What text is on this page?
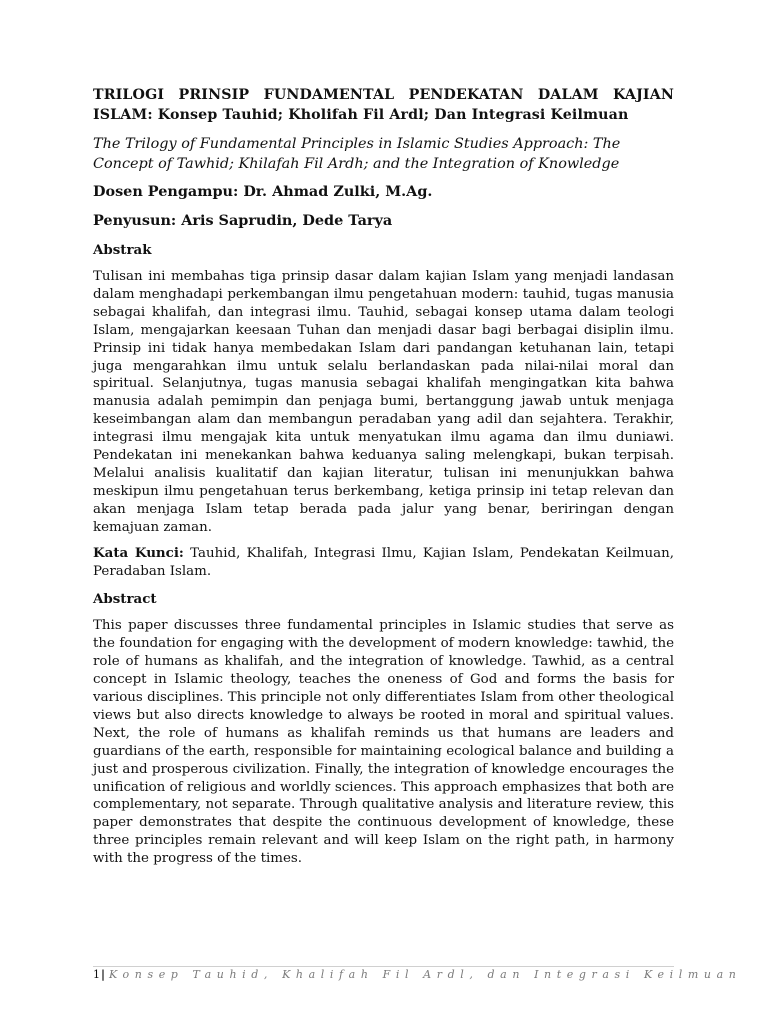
TRILOGI PRINSIP FUNDAMENTAL PENDEKATAN DALAM KAJIAN
ISLAM: Konsep Tauhid; Kholifah Fil Ardl; Dan Integrasi Keilmuan

The Trilogy of Fundamental Principles in Islamic Studies Approach: The Concept of Tawhid; Khilafah Fil Ardh; and the Integration of Knowledge

Dosen Pengampu: Dr. Ahmad Zulki, M.Ag.

Penyusun: Aris Saprudin, Dede Tarya

Abstrak

Tulisan ini membahas tiga prinsip dasar dalam kajian Islam yang menjadi landasan dalam menghadapi perkembangan ilmu pengetahuan modern: tauhid, tugas manusia sebagai khalifah, dan integrasi ilmu. Tauhid, sebagai konsep utama dalam teologi Islam, mengajarkan keesaan Tuhan dan menjadi dasar bagi berbagai disiplin ilmu. Prinsip ini tidak hanya membedakan Islam dari pandangan ketuhanan lain, tetapi juga mengarahkan ilmu untuk selalu berlandaskan pada nilai-nilai moral dan spiritual. Selanjutnya, tugas manusia sebagai khalifah mengingatkan kita bahwa manusia adalah pemimpin dan penjaga bumi, bertanggung jawab untuk menjaga keseimbangan alam dan membangun peradaban yang adil dan sejahtera. Terakhir, integrasi ilmu mengajak kita untuk menyatukan ilmu agama dan ilmu duniawi. Pendekatan ini menekankan bahwa keduanya saling melengkapi, bukan terpisah. Melalui analisis kualitatif dan kajian literatur, tulisan ini menunjukkan bahwa meskipun ilmu pengetahuan terus berkembang, ketiga prinsip ini tetap relevan dan akan menjaga Islam tetap berada pada jalur yang benar, beriringan dengan kemajuan zaman.

Kata Kunci: Tauhid, Khalifah, Integrasi Ilmu, Kajian Islam, Pendekatan Keilmuan, Peradaban Islam.

Abstract

This paper discusses three fundamental principles in Islamic studies that serve as the foundation for engaging with the development of modern knowledge: tawhid, the role of humans as khalifah, and the integration of knowledge. Tawhid, as a central concept in Islamic theology, teaches the oneness of God and forms the basis for various disciplines. This principle not only differentiates Islam from other theological views but also directs knowledge to always be rooted in moral and spiritual values. Next, the role of humans as khalifah reminds us that humans are leaders and guardians of the earth, responsible for maintaining ecological balance and building a just and prosperous civilization. Finally, the integration of knowledge encourages the unification of religious and worldly sciences. This approach emphasizes that both are complementary, not separate. Through qualitative analysis and literature review, this paper demonstrates that despite the continuous development of knowledge, these three principles remain relevant and will keep Islam on the right path, in harmony with the progress of the times.

1| Konsep Tauhid, Khalifah Fil Ardl, dan Integrasi Keilmuan
